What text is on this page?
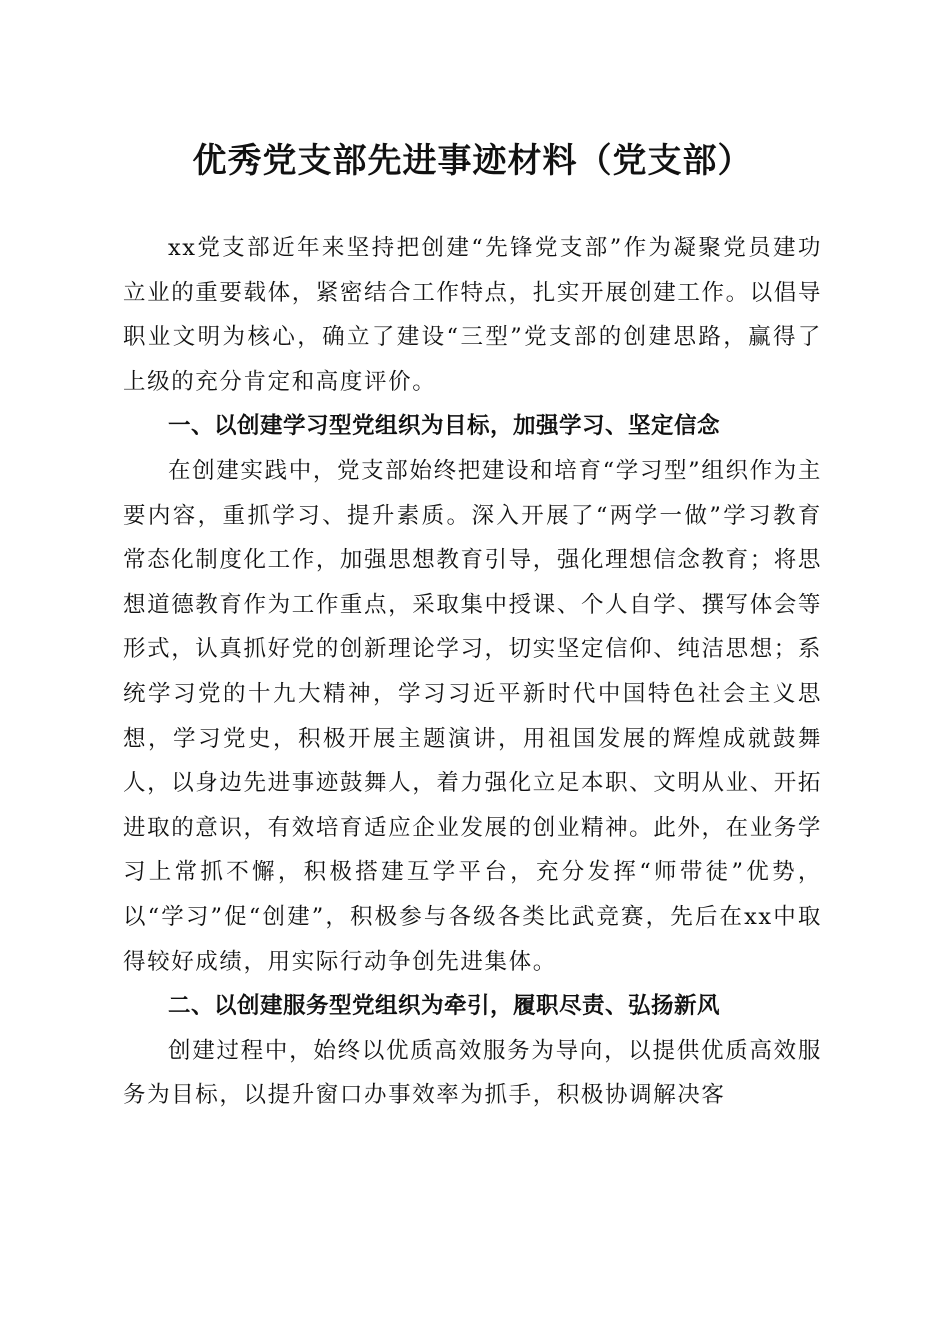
优秀党支部先进事迹材料（党支部）

xx党支部近年来坚持把创建“先锋党支部”作为凝聚党员建功立业的重要载体，紧密结合工作特点，扎实开展创建工作。以倡导职业文明为核心，确立了建设“三型”党支部的创建思路，赢得了上级的充分肯定和高度评价。

一、以创建学习型党组织为目标，加强学习、坚定信念

在创建实践中，党支部始终把建设和培育“学习型”组织作为主要内容，重抓学习、提升素质。深入开展了“两学一做”学习教育常态化制度化工作，加强思想教育引导，强化理想信念教育；将思想道德教育作为工作重点，采取集中授课、个人自学、撰写体会等形式，认真抓好党的创新理论学习，切实坚定信仰、纯洁思想；系统学习党的十九大精神，学习习近平新时代中国特色社会主义思想，学习党史，积极开展主题演讲，用祖国发展的辉煌成就鼓舞人，以身边先进事迹鼓舞人，着力强化立足本职、文明从业、开拓进取的意识，有效培育适应企业发展的创业精神。此外，在业务学习上常抓不懈，积极搭建互学平台，充分发挥“师带徒”优势，以“学习”促“创建”，积极参与各级各类比武竞赛，先后在xx中取得较好成绩，用实际行动争创先进集体。

二、以创建服务型党组织为牵引，履职尽责、弘扬新风

创建过程中，始终以优质高效服务为导向，以提供优质高效服务为目标，以提升窗口办事效率为抓手，积极协调解决客
